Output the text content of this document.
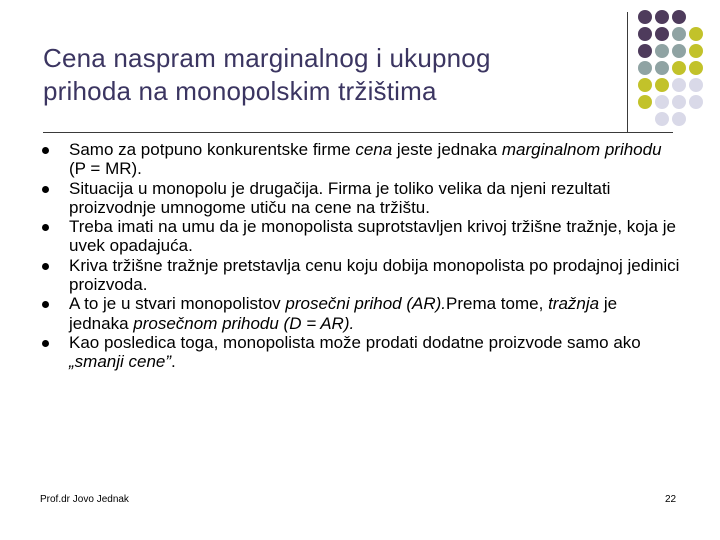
Cena naspram marginalnog i ukupnog
prihoda na monopolskim tržištima
Samo za potpuno konkurentske firme cena jeste jednaka marginalnom prihodu (P = MR).
Situacija u monopolu je drugačija. Firma je toliko velika da njeni rezultati proizvodnje umnogome utiču na cene na tržištu.
Treba imati na umu da je monopolista suprotstavljen krivoj tržišne tražnje, koja je uvek opadajuća.
Kriva tržišne tražnje pretstavlja cenu koju dobija monopolista po prodajnoj jedinici proizvoda.
A to je u stvari monopolistov prosečni prihod (AR).Prema tome, tražnja je jednaka prosečnom prihodu (D = AR).
Kao posledica toga, monopolista može prodati dodatne proizvode samo ako „smanji cene”.
Prof.dr Jovo Jednak	22
